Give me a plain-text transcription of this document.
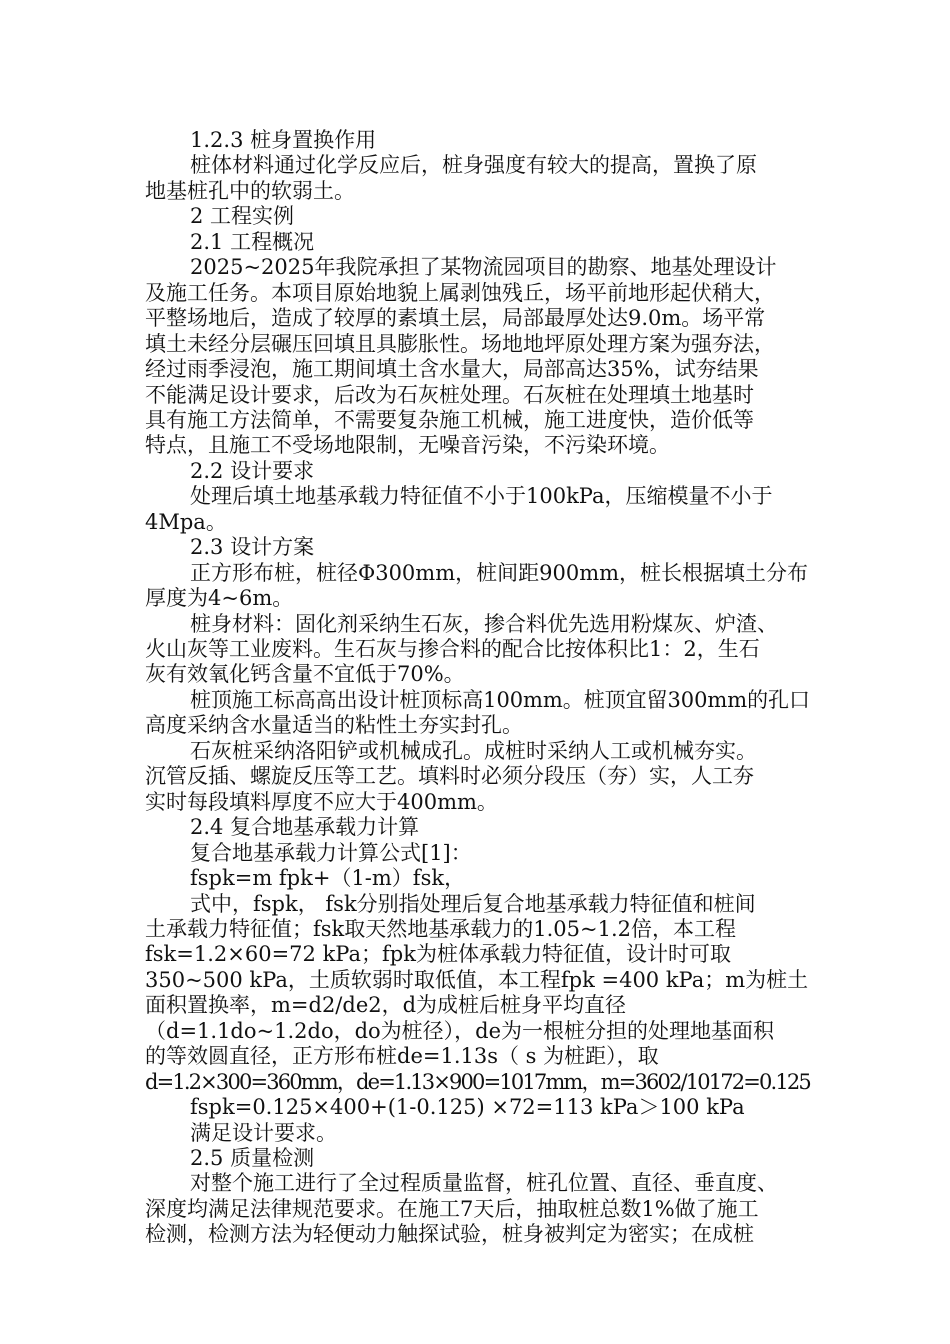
1.2.3 桩身置换作用
桩体材料通过化学反应后，桩身强度有较大的提高，置换了原
地基桩孔中的软弱土。
2 工程实例
2.1 工程概况
2025~2025年我院承担了某物流园项目的勘察、地基处理设计
及施工任务。本项目原始地貌上属剥蚀残丘，场平前地形起伏稍大，
平整场地后，造成了较厚的素填土层，局部最厚处达9.0m。场平常
填土未经分层碾压回填且具膨胀性。场地地坪原处理方案为强夯法，
经过雨季浸泡，施工期间填土含水量大，局部高达35%，试夯结果
不能满足设计要求，后改为石灰桩处理。石灰桩在处理填土地基时
具有施工方法简单，不需要复杂施工机械，施工进度快，造价低等
特点，且施工不受场地限制，无噪音污染，不污染环境。
2.2 设计要求
处理后填土地基承载力特征值不小于100kPa，压缩模量不小于
4Mpa。
2.3 设计方案
正方形布桩，桩径Φ300mm，桩间距900mm，桩长根据填土分布
厚度为4~6m。
桩身材料：固化剂采纳生石灰，掺合料优先选用粉煤灰、炉渣、
火山灰等工业废料。生石灰与掺合料的配合比按体积比1：2，生石
灰有效氧化钙含量不宜低于70%。
桩顶施工标高高出设计桩顶标高100mm。桩顶宜留300mm的孔口
高度采纳含水量适当的粘性土夯实封孔。
石灰桩采纳洛阳铲或机械成孔。成桩时采纳人工或机械夯实。
沉管反插、螺旋反压等工艺。填料时必须分段压（夯）实，人工夯
实时每段填料厚度不应大于400mm。
2.4 复合地基承载力计算
复合地基承载力计算公式[1]：
fspk=m fpk+（1-m）fsk，
式中，fspk， fsk分别指处理后复合地基承载力特征值和桩间
土承载力特征值；fsk取天然地基承载力的1.05~1.2倍，本工程
fsk=1.2×60=72 kPa；fpk为桩体承载力特征值，设计时可取
350~500 kPa，土质软弱时取低值，本工程fpk =400 kPa；m为桩土
面积置换率，m=d2/de2，d为成桩后桩身平均直径
（d=1.1do~1.2do，do为桩径），de为一根桩分担的处理地基面积
的等效圆直径，正方形布桩de=1.13s（ s 为桩距），取
d=1.2×300=360mm，de=1.13×900=1017mm，m=3602/10172=0.125
fspk=0.125×400+(1-0.125) ×72=113 kPa＞100 kPa
满足设计要求。
2.5 质量检测
对整个施工进行了全过程质量监督，桩孔位置、直径、垂直度、
深度均满足法律规范要求。在施工7天后，抽取桩总数1%做了施工
检测，检测方法为轻便动力触探试验，桩身被判定为密实；在成桩
